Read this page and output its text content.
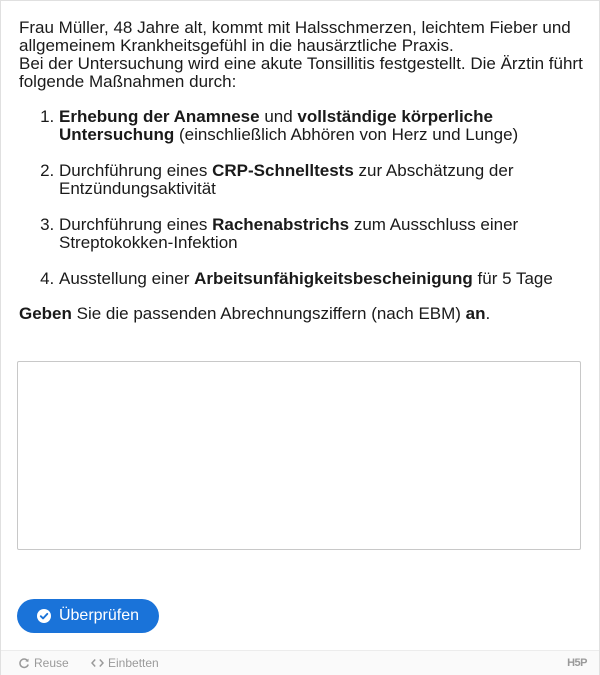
Frau Müller, 48 Jahre alt, kommt mit Halsschmerzen, leichtem Fieber und allgemeinem Krankheitsgefühl in die hausärztliche Praxis.

Bei der Untersuchung wird eine akute Tonsillitis festgestellt. Die Ärztin führt folgende Maßnahmen durch:

1. Erhebung der Anamnese und vollständige körperliche Untersuchung (einschließlich Abhören von Herz und Lunge)
2. Durchführung eines CRP-Schnelltests zur Abschätzung der Entzündungsaktivität
3. Durchführung eines Rachenabstrichs zum Ausschluss einer Streptokokken-Infektion
4. Ausstellung einer Arbeitsunfähigkeitsbescheinigung für 5 Tage

Geben Sie die passenden Abrechnungsziffern (nach EBM) an.

Überprüfen
Reuse	Einbetten	H5P
